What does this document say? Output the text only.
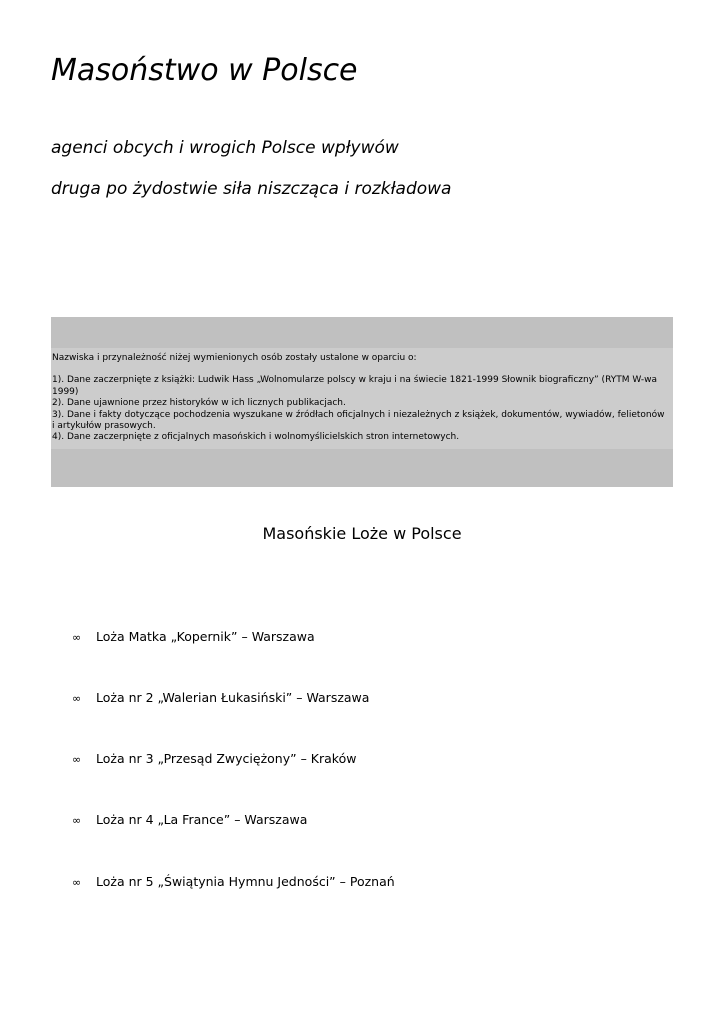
Masoństwo w Polsce

agenci obcych i wrogich Polsce wpływów

druga po żydostwie siła niszcząca i rozkładowa

Nazwiska i przynależność niżej wymienionych osób zostały ustalone w oparciu o:

1). Dane zaczerpnięte z książki: Ludwik Hass „Wolnomularze polscy w kraju i na świecie 1821-1999 Słownik biograficzny” (RYTM W-wa 1999)

2). Dane ujawnione przez historyków w ich licznych publikacjach.

3). Dane i fakty dotyczące pochodzenia wyszukane w źródłach oficjalnych i niezależnych z książek, dokumentów, wywiadów, felietonów i artykułów prasowych.

4). Dane zaczerpnięte z oficjalnych masońskich i wolnomyślicielskich stron internetowych.

Masońskie Loże w Polsce
∞ Loża Matka „Kopernik” – Warszawa
∞ Loża nr 2 „Walerian Łukasiński” – Warszawa
∞ Loża nr 3 „Przesąd Zwyciężony” – Kraków
∞ Loża nr 4 „La France” – Warszawa
∞ Loża nr 5 „Świątynia Hymnu Jedności” – Poznań
